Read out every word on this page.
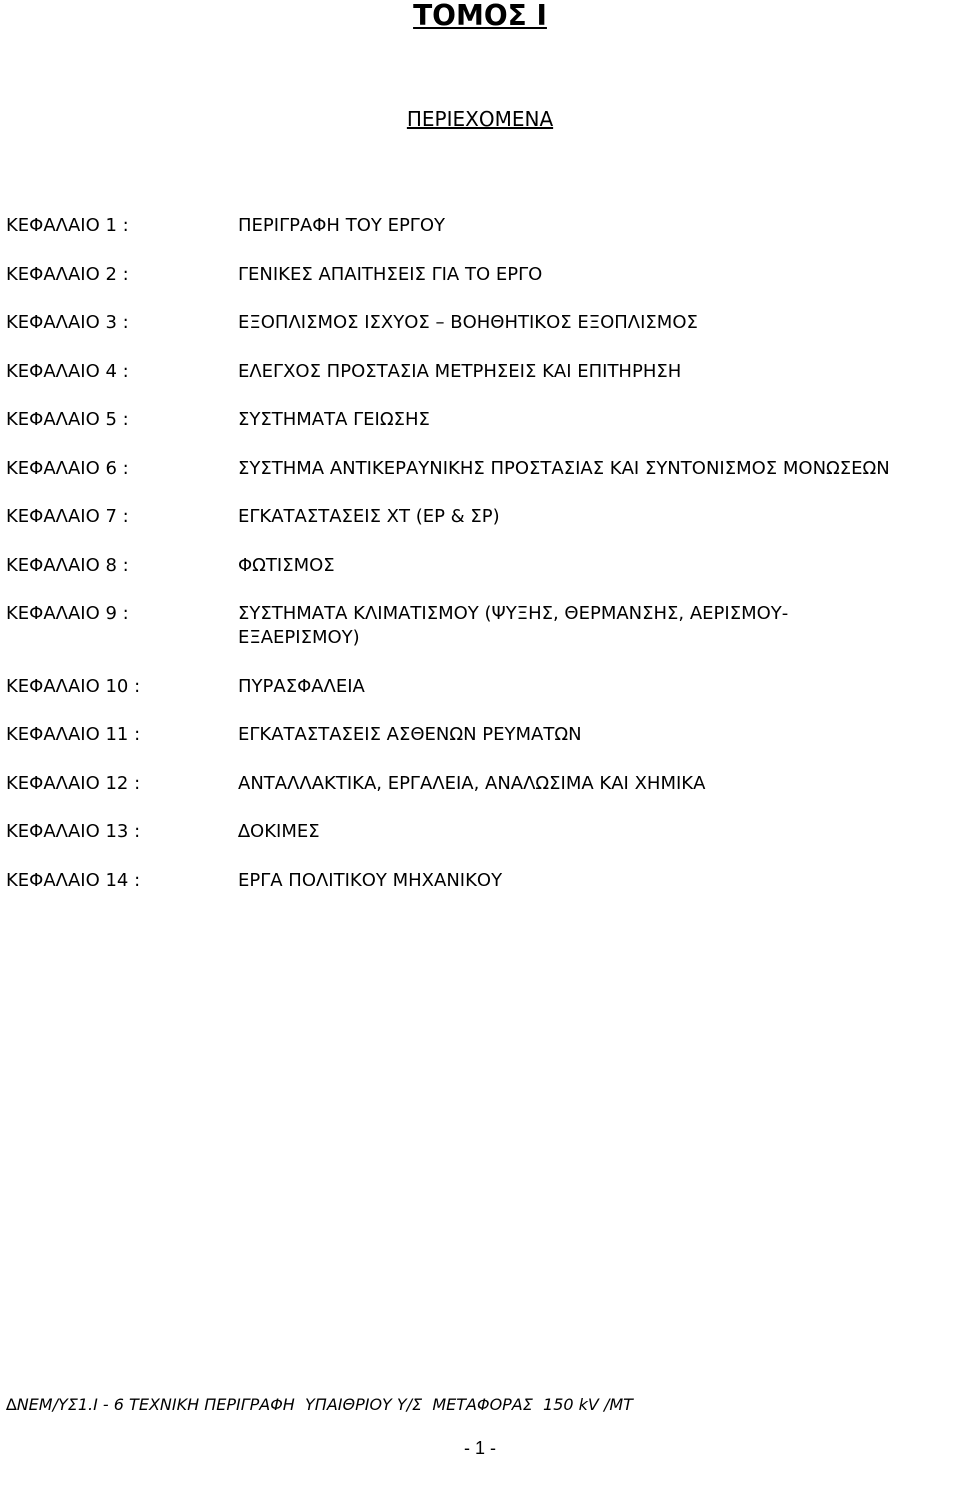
ΤΟΜΟΣ Ι
ΠΕΡΙΕΧΟΜΕΝΑ
ΚΕΦΑΛΑΙΟ 1 :	ΠΕΡΙΓΡΑΦΗ ΤΟΥ ΕΡΓΟΥ
ΚΕΦΑΛΑΙΟ 2 :	ΓΕΝΙΚΕΣ ΑΠΑΙΤΗΣΕΙΣ ΓΙΑ ΤΟ ΕΡΓΟ
ΚΕΦΑΛΑΙΟ 3 :	ΕΞΟΠΛΙΣΜΟΣ ΙΣΧΥΟΣ – ΒΟΗΘΗΤΙΚΟΣ ΕΞΟΠΛΙΣΜΟΣ
ΚΕΦΑΛΑΙΟ 4 :	ΕΛΕΓΧΟΣ ΠΡΟΣΤΑΣΙΑ ΜΕΤΡΗΣΕΙΣ ΚΑΙ ΕΠΙΤΗΡΗΣΗ
ΚΕΦΑΛΑΙΟ 5 :	ΣΥΣΤΗΜΑΤΑ ΓΕΙΩΣΗΣ
ΚΕΦΑΛΑΙΟ 6 :	ΣΥΣΤΗΜΑ ΑΝΤΙΚΕΡΑΥΝΙΚΗΣ ΠΡΟΣΤΑΣΙΑΣ ΚΑΙ ΣΥΝΤΟΝΙΣΜΟΣ ΜΟΝΩΣΕΩΝ
ΚΕΦΑΛΑΙΟ 7 :	ΕΓΚΑΤΑΣΤΑΣΕΙΣ ΧΤ (ΕΡ & ΣΡ)
ΚΕΦΑΛΑΙΟ 8 :	ΦΩΤΙΣΜΟΣ
ΚΕΦΑΛΑΙΟ 9 :	ΣΥΣΤΗΜΑΤΑ ΚΛΙΜΑΤΙΣΜΟΥ (ΨΥΞΗΣ, ΘΕΡΜΑΝΣΗΣ, ΑΕΡΙΣΜΟΥ-ΕΞΑΕΡΙΣΜΟΥ)
ΚΕΦΑΛΑΙΟ 10 :	ΠΥΡΑΣΦΑΛΕΙΑ
ΚΕΦΑΛΑΙΟ 11 :	ΕΓΚΑΤΑΣΤΑΣΕΙΣ ΑΣΘΕΝΩΝ ΡΕΥΜΑΤΩΝ
ΚΕΦΑΛΑΙΟ 12 :	ΑΝΤΑΛΛΑΚΤΙΚΑ, ΕΡΓΑΛΕΙΑ, ΑΝΑΛΩΣΙΜΑ ΚΑΙ ΧΗΜΙΚΑ
ΚΕΦΑΛΑΙΟ 13 :	∆ΟΚΙΜΕΣ
ΚΕΦΑΛΑΙΟ 14 :	ΕΡΓΑ ΠΟΛΙΤΙΚΟΥ ΜΗΧΑΝΙΚΟΥ
∆ΝΕΜ/ΥΣ1.Ι - 6 ΤΕΧΝΙΚΗ ΠΕΡΙΓΡΑΦΗ  ΥΠΑΙΘΡΙΟΥ Υ/Σ  ΜΕΤΑΦΟΡΑΣ  150 kV /MT
- 1 -
